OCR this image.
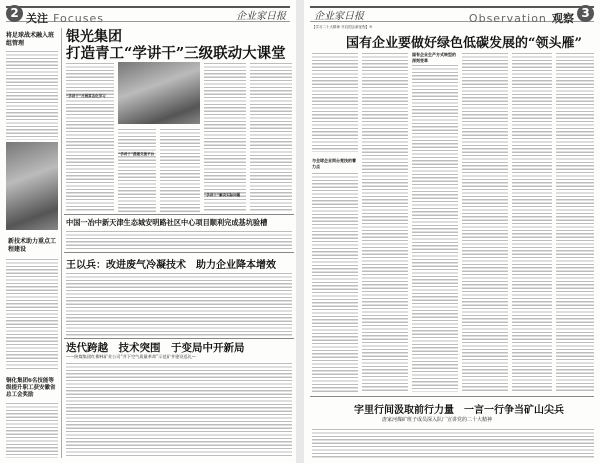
2 关注 Focuses	企业家日报
将足球战术融入班组管理
新技术助力重点工程建设
铜化集团6名技能等级提升职工获安徽省总工会奖励
银光集团
打造青工“学讲干”三级联动大课堂
“学讲干”开展常态化学习
“学讲干”搭建交流平台
“学讲干”解决实际问题
中国一冶中新天津生态城安明路社区中心项目顺利完成基坑验槽
王以兵：改进废气冷凝技术　助力企业降本增效
迭代跨越　技术突围　于变局中开新局
——陕煤集团红柳林矿业公司“井下空气质量革命”示范矿井建设巡礼—
企业家日报	Observation 观察 3
【学习二十大精神 开启国企新征程】⑤
国有企业要做好绿色低碳发展的“领头雁”
与全球企业同台竞技的着力点
国有企业生产方式转型的深刻变革
字里行间汲取前行力量　一言一行争当矿山尖兵
唐家河煤矿班子成员深入队厂宣讲党的二十大精神
